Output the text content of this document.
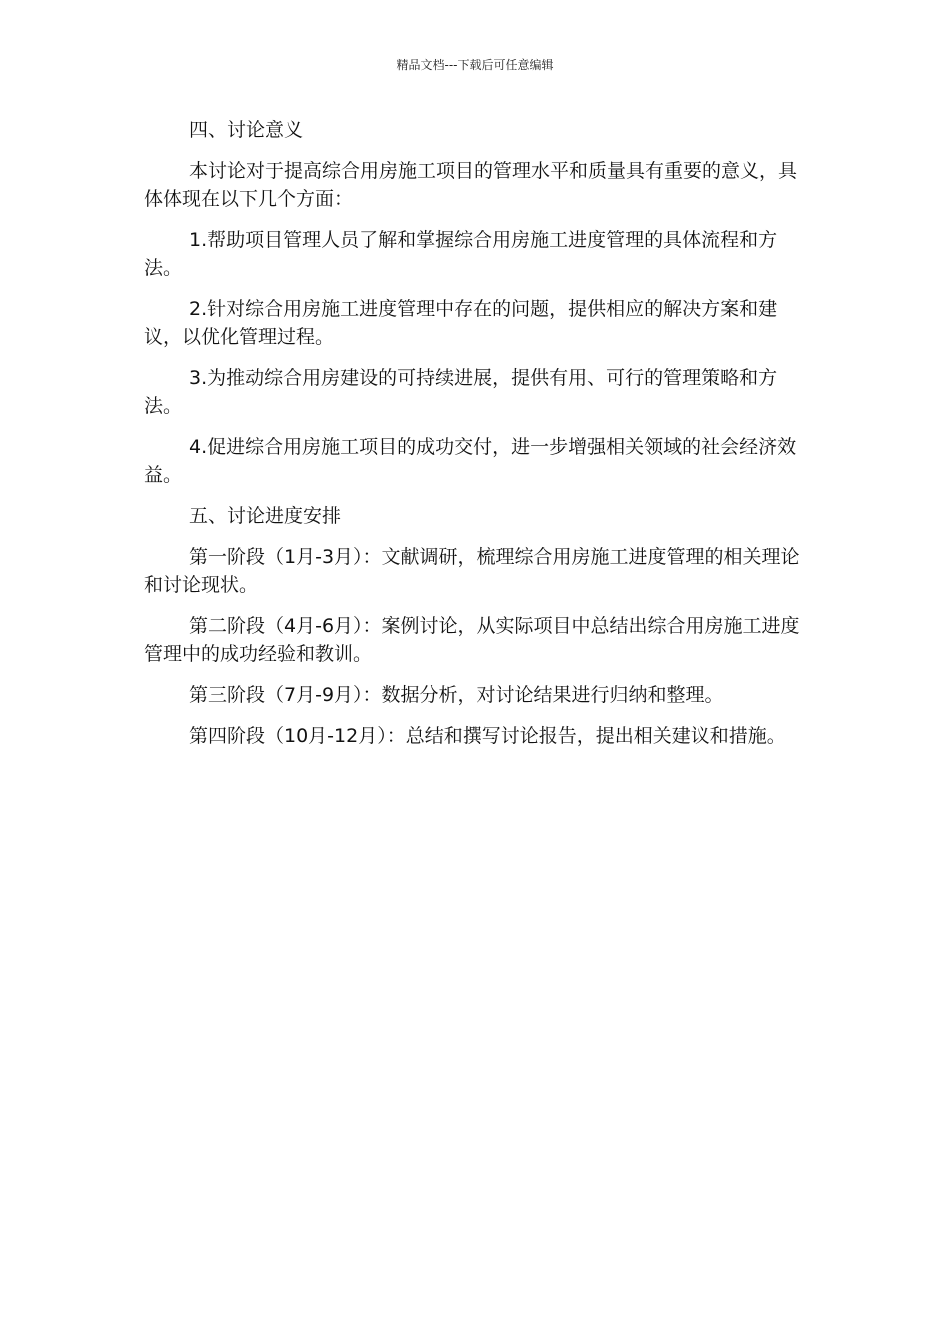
精品文档---下载后可任意编辑

四、讨论意义

本讨论对于提高综合用房施工项目的管理水平和质量具有重要的意义，具体体现在以下几个方面：

1.帮助项目管理人员了解和掌握综合用房施工进度管理的具体流程和方法。

2.针对综合用房施工进度管理中存在的问题，提供相应的解决方案和建议，以优化管理过程。

3.为推动综合用房建设的可持续进展，提供有用、可行的管理策略和方法。

4.促进综合用房施工项目的成功交付，进一步增强相关领域的社会经济效益。

五、讨论进度安排

第一阶段（1月-3月）：文献调研，梳理综合用房施工进度管理的相关理论和讨论现状。

第二阶段（4月-6月）：案例讨论，从实际项目中总结出综合用房施工进度管理中的成功经验和教训。

第三阶段（7月-9月）：数据分析，对讨论结果进行归纳和整理。

第四阶段（10月-12月）：总结和撰写讨论报告，提出相关建议和措施。
